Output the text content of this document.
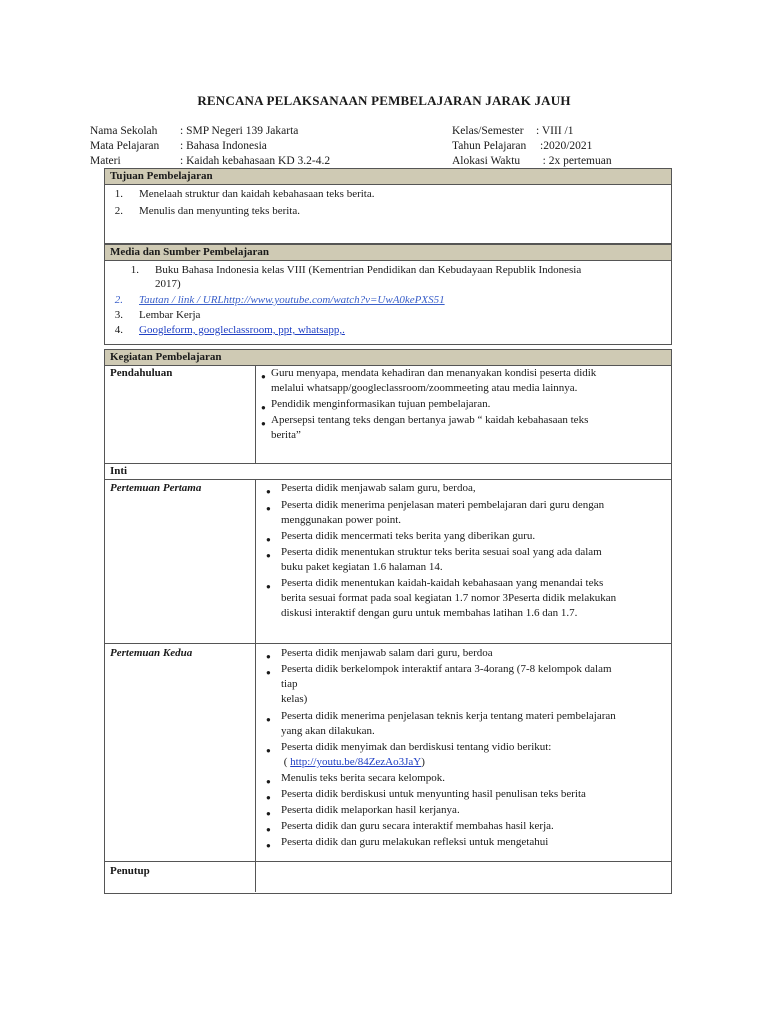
RENCANA PELAKSANAAN PEMBELAJARAN JARAK JAUH
Nama Sekolah : SMP Negeri 139 Jakarta
Mata Pelajaran : Bahasa Indonesia
Materi	: Kaidah kebahasaan KD 3.2-4.2
Kelas/Semester : VIII /1
Tahun Pelajaran :2020/2021
Alokasi Waktu   : 2x pertemuan
Tujuan Pembelajaran
1. Menelaah struktur dan kaidah kebahasaan teks berita.
2. Menulis dan menyunting teks berita.
Media dan Sumber Pembelajaran
1. Buku Bahasa Indonesia kelas VIII (Kementrian Pendidikan dan Kebudayaan Republik Indonesia
2017)
2. Tautan / link / URLhttp://www.youtube.com/watch?v=UwA0kePXS51
3. Lembar Kerja
4. Googleform, googleclassroom, ppt, whatsapp,.
Kegiatan Pembelajaran
Pendahuluan	● Guru menyapa, mendata kehadiran dan menanyakan kondisi peserta didik
melalui whatsapp/googleclassroom/zoommeeting atau media lainnya.
● Pendidik menginformasikan tujuan pembelajaran.
● Apersepsi tentang teks dengan bertanya jawab “ kaidah kebahasaan teks
berita”
Inti
Pertemuan Pertama	● Peserta didik menjawab salam guru, berdoa,
● Peserta didik menerima penjelasan materi pembelajaran dari guru dengan
menggunakan power point.
● Peserta didik mencermati teks berita yang diberikan guru.
● Peserta didik menentukan struktur teks berita sesuai soal yang ada dalam
buku paket kegiatan 1.6 halaman 14.
● Peserta didik menentukan kaidah-kaidah kebahasaan yang menandai teks
berita sesuai format pada soal kegiatan 1.7 nomor 3Peserta didik melakukan
diskusi interaktif dengan guru untuk membahas latihan 1.6 dan 1.7.
Pertemuan Kedua	● Peserta didik menjawab salam dari guru, berdoa
● Peserta didik berkelompok interaktif antara 3-4orang (7-8 kelompok dalam
tiap
kelas)
● Peserta didik menerima penjelasan teknis kerja tentang materi pembelajaran
yang akan dilakukan.
● Peserta didik menyimak dan berdiskusi tentang vidio berikut:
( http://youtu.be/84ZezAo3JaY)
● Menulis teks berita secara kelompok.
● Peserta didik berdiskusi untuk menyunting hasil penulisan teks berita
● Peserta didik melaporkan hasil kerjanya.
● Peserta didik dan guru secara interaktif membahas hasil kerja.
● Peserta didik dan guru melakukan refleksi untuk mengetahui
Penutup
